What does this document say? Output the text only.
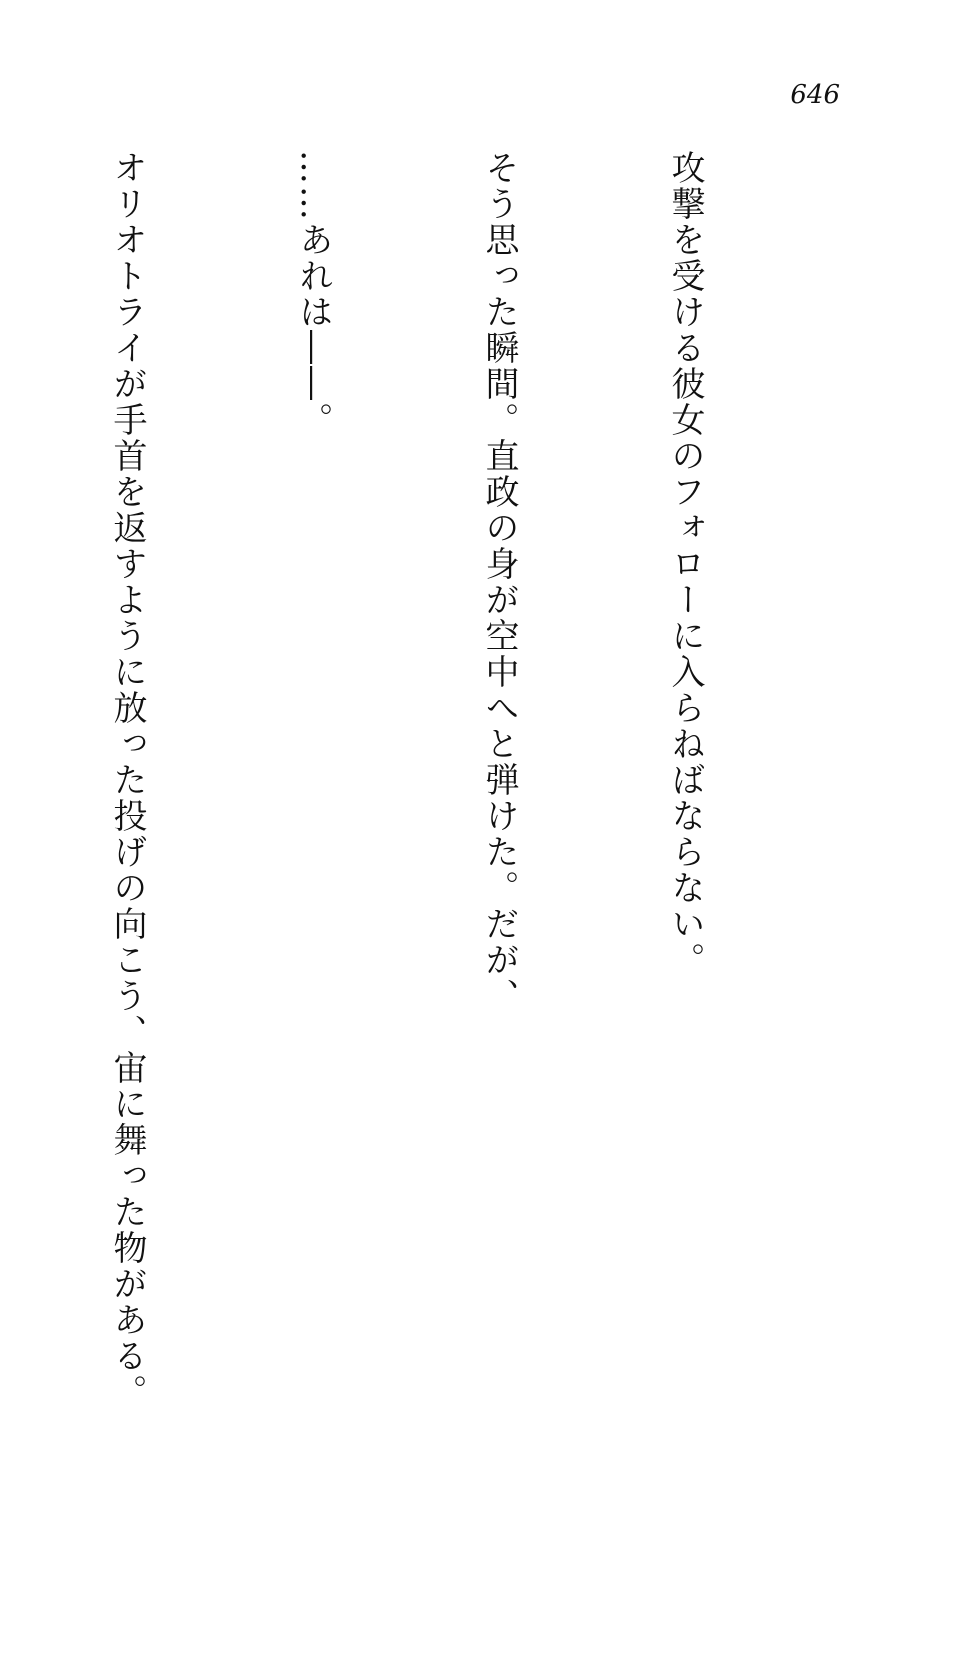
646

攻撃を受ける彼女のフォローに入らねばならない。

そう思った瞬間。直政の身が空中へと弾けた。だが、

……あれは――。

オリオトライが手首を返すように放った投げの向こう、宙に舞った物がある。
